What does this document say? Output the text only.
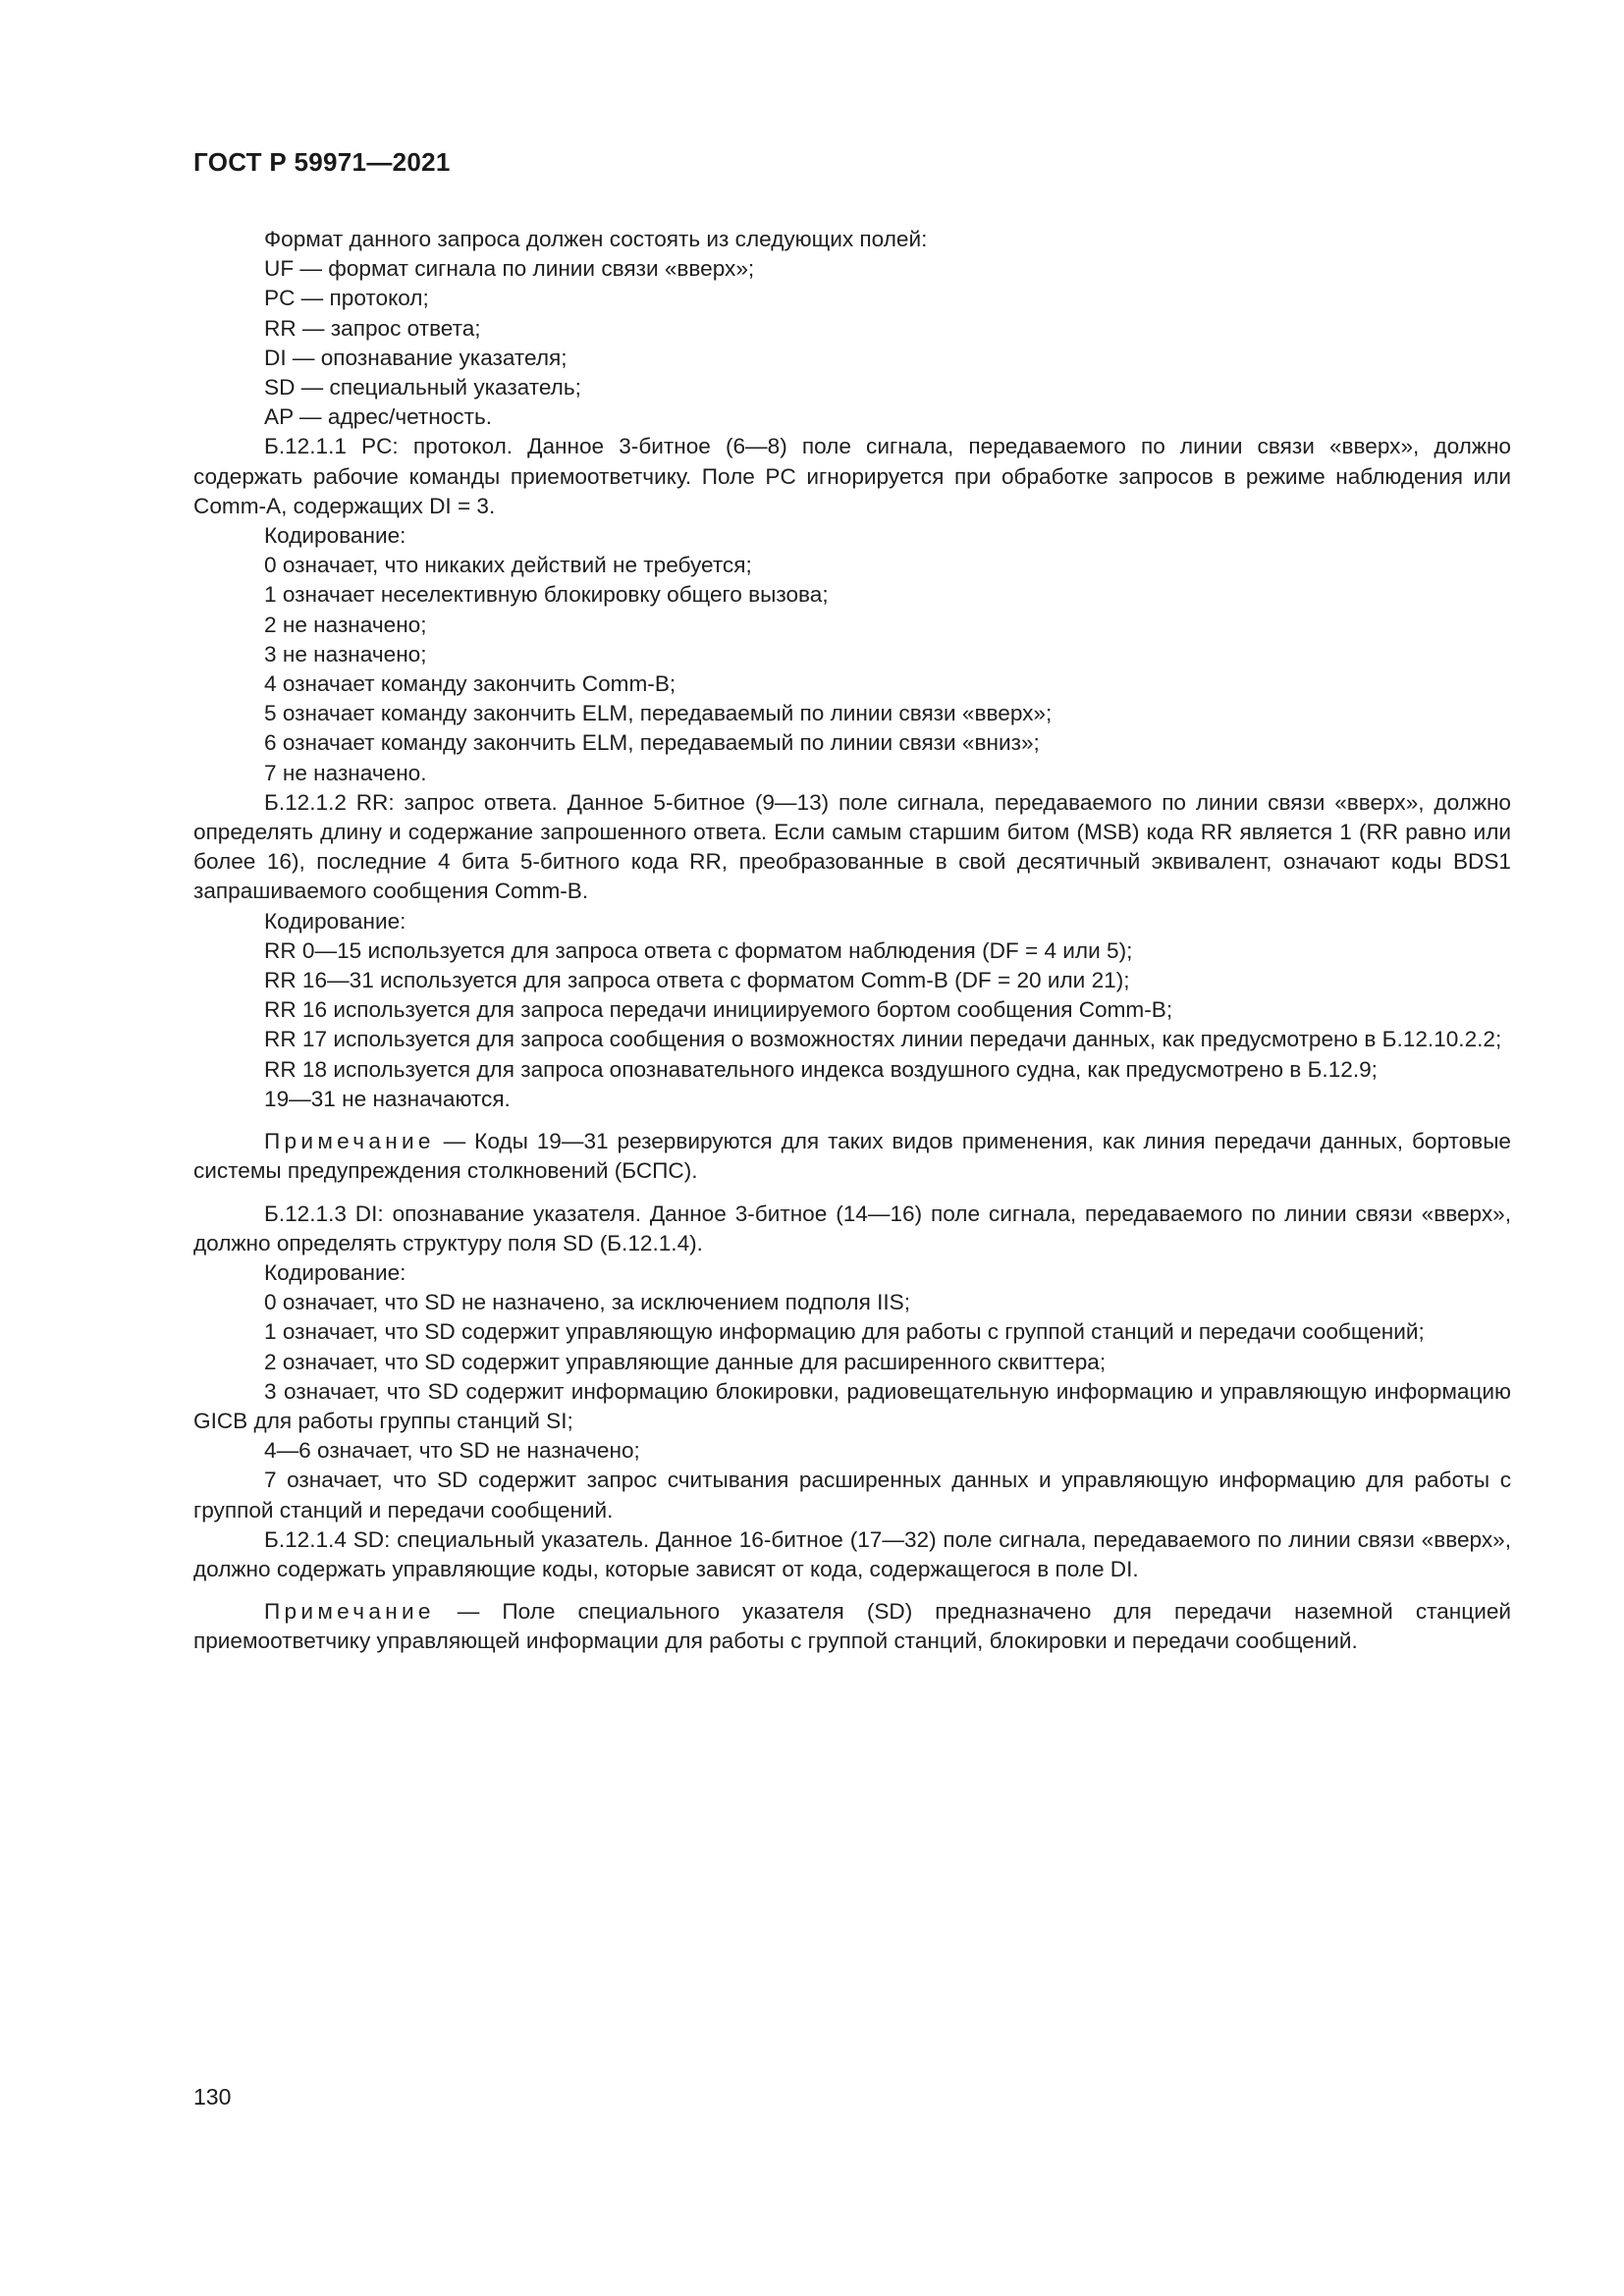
ГОСТ Р 59971—2021

Формат данного запроса должен состоять из следующих полей:

UF — формат сигнала по линии связи «вверх»;

PC — протокол;

RR — запрос ответа;

DI — опознавание указателя;

SD — специальный указатель;

AP — адрес/четность.

Б.12.1.1 PC: протокол. Данное 3-битное (6—8) поле сигнала, передаваемого по линии связи «вверх», должно содержать рабочие команды приемоответчику. Поле PC игнорируется при обработке запросов в режиме наблюдения или Comm-A, содержащих DI = 3.

Кодирование:

0 означает, что никаких действий не требуется;

1 означает неселективную блокировку общего вызова;

2 не назначено;

3 не назначено;

4 означает команду закончить Comm-B;

5 означает команду закончить ELM, передаваемый по линии связи «вверх»;

6 означает команду закончить ELM, передаваемый по линии связи «вниз»;

7 не назначено.

Б.12.1.2 RR: запрос ответа. Данное 5-битное (9—13) поле сигнала, передаваемого по линии связи «вверх», должно определять длину и содержание запрошенного ответа. Если самым старшим битом (MSB) кода RR является 1 (RR равно или более 16), последние 4 бита 5-битного кода RR, преобразованные в свой десятичный эквивалент, означают коды BDS1 запрашиваемого сообщения Comm-B.

Кодирование:

RR 0—15 используется для запроса ответа с форматом наблюдения (DF = 4 или 5);

RR 16—31 используется для запроса ответа с форматом Comm-B (DF = 20 или 21);

RR 16 используется для запроса передачи инициируемого бортом сообщения Comm-B;

RR 17 используется для запроса сообщения о возможностях линии передачи данных, как предусмотрено в Б.12.10.2.2;

RR 18 используется для запроса опознавательного индекса воздушного судна, как предусмотрено в Б.12.9;

19—31 не назначаются.

Примечание — Коды 19—31 резервируются для таких видов применения, как линия передачи данных, бортовые системы предупреждения столкновений (БСПС).

Б.12.1.3 DI: опознавание указателя. Данное 3-битное (14—16) поле сигнала, передаваемого по линии связи «вверх», должно определять структуру поля SD (Б.12.1.4).

Кодирование:

0 означает, что SD не назначено, за исключением подполя IIS;

1 означает, что SD содержит управляющую информацию для работы с группой станций и передачи сообщений;

2 означает, что SD содержит управляющие данные для расширенного сквиттера;

3 означает, что SD содержит информацию блокировки, радиовещательную информацию и управляющую информацию GICB для работы группы станций SI;

4—6 означает, что SD не назначено;

7 означает, что SD содержит запрос считывания расширенных данных и управляющую информацию для работы с группой станций и передачи сообщений.

Б.12.1.4 SD: специальный указатель. Данное 16-битное (17—32) поле сигнала, передаваемого по линии связи «вверх», должно содержать управляющие коды, которые зависят от кода, содержащегося в поле DI.

Примечание — Поле специального указателя (SD) предназначено для передачи наземной станцией приемоответчику управляющей информации для работы с группой станций, блокировки и передачи сообщений.

130
